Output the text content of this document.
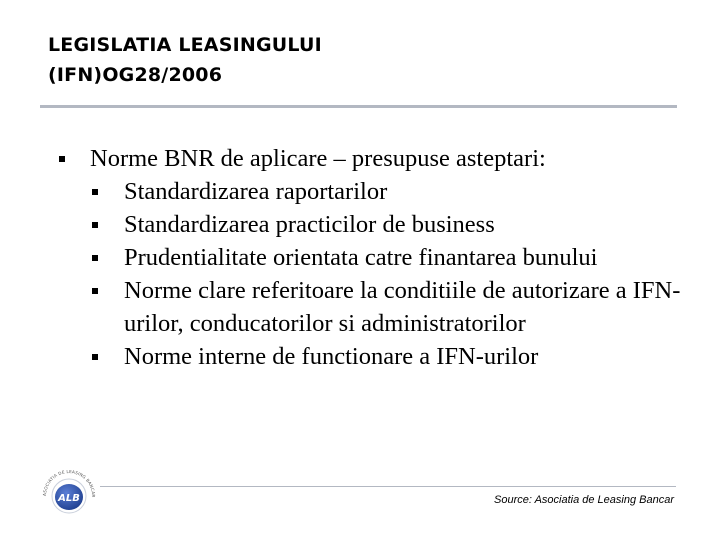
LEGISLATIA LEASINGULUI
(IFN)OG28/2006
Norme BNR de aplicare – presupuse asteptari:
Standardizarea raportarilor
Standardizarea practicilor de business
Prudentialitate orientata catre finantarea bunului
Norme clare referitoare la conditiile de autorizare a IFN-urilor, conducatorilor si administratorilor
Norme interne de functionare a IFN-urilor
ASOCIATIA DE LEASING BANCAR
ALB	Source: Asociatia de Leasing Bancar
